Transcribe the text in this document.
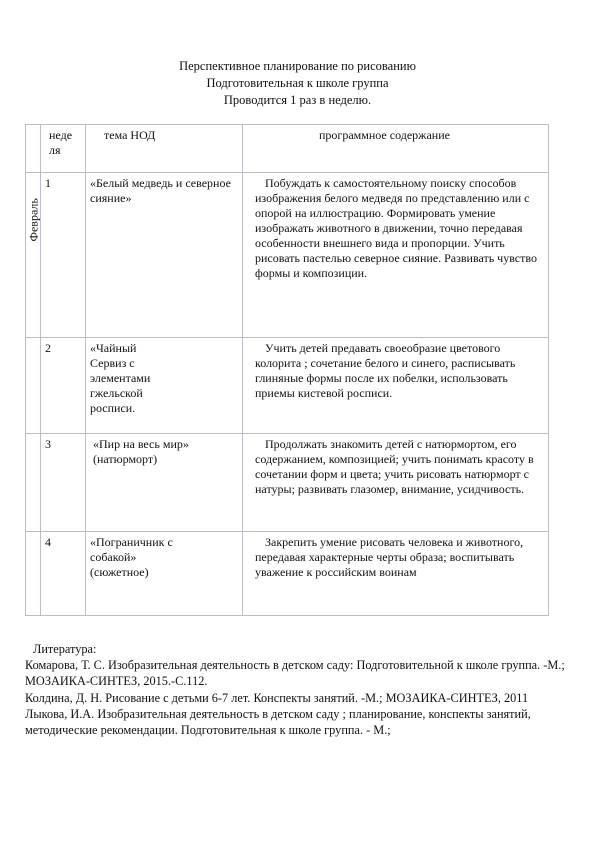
Перспективное планирование по рисованию
Подготовительная к школе группа
Проводится 1 раз в неделю.
	неде ля	тема НОД	программное содержание

Февраль	1	«Белый медведь и северное сияние»	Побуждать к самостоятельному поиску способов изображения белого медведя по представлению или с опорой на иллюстрацию. Формировать умение изображать животного в движении, точно передавая особенности внешнего вида и пропорции. Учить рисовать пастелью северное сияние. Развивать чувство формы и композиции.
	2	«Чайный Сервиз с элементами гжельской росписи.	Учить детей предавать своеобразие цветового колорита ; сочетание белого и синего, расписывать глиняные формы после их побелки, использовать приемы кистевой росписи.
	3	«Пир на весь мир» (натюрморт)	Продолжать знакомить детей с натюрмортом, его содержанием, композицией; учить понимать красоту в сочетании форм и цвета; учить рисовать натюрморт с натуры; развивать глазомер, внимание, усидчивость.
	4	«Пограничник с собакой» (сюжетное)	Закрепить умение рисовать человека и животного, передавая характерные черты образа; воспитывать уважение к российским воинам

Литература:

Комарова, Т. С. Изобразительная деятельность в детском саду: Подготовительной к школе группа. -М.; МОЗАИКА-СИНТЕЗ, 2015.-С.112.

Колдина, Д. Н. Рисование с детьми 6-7 лет. Конспекты занятий. -М.; МОЗАИКА-СИНТЕЗ, 2011

Лыкова, И.А. Изобразительная деятельность в детском саду ; планирование, конспекты занятий, методические рекомендации. Подготовительная к школе группа. - М.;
